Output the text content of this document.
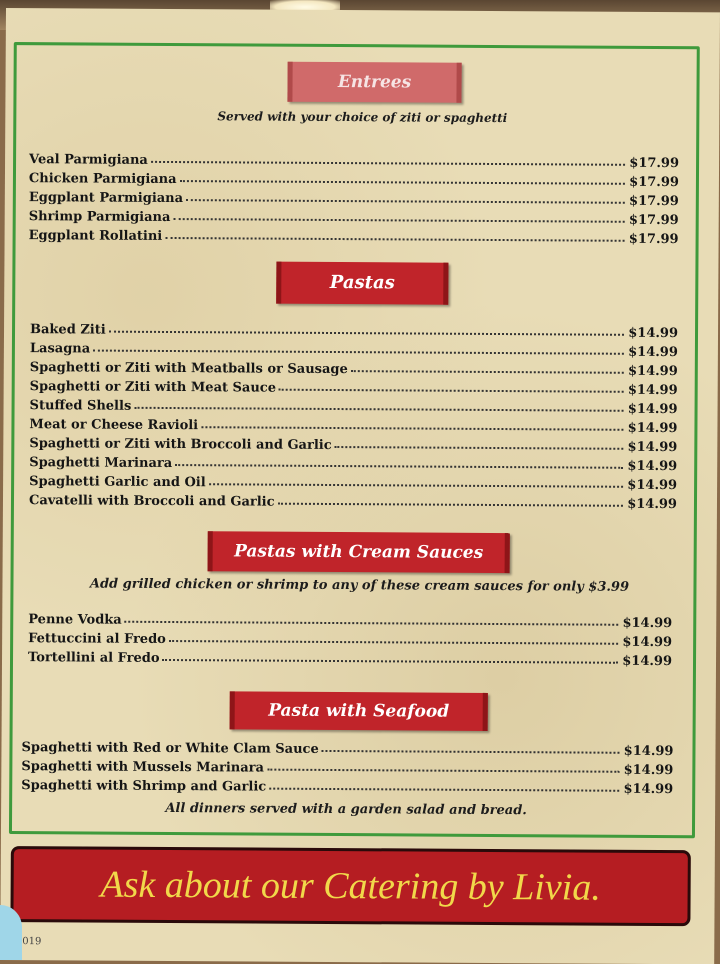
Entrees
Served with your choice of ziti or spaghetti
Veal Parmigiana	$17.99
Chicken Parmigiana	$17.99
Eggplant Parmigiana	$17.99
Shrimp Parmigiana	$17.99
Eggplant Rollatini	$17.99
Pastas
Baked Ziti	$14.99
Lasagna	$14.99
Spaghetti or Ziti with Meatballs or Sausage	$14.99
Spaghetti or Ziti with Meat Sauce	$14.99
Stuffed Shells	$14.99
Meat or Cheese Ravioli	$14.99
Spaghetti or Ziti with Broccoli and Garlic	$14.99
Spaghetti Marinara	$14.99
Spaghetti Garlic and Oil	$14.99
Cavatelli with Broccoli and Garlic	$14.99
Pastas with Cream Sauces
Add grilled chicken or shrimp to any of these cream sauces for only $3.99
Penne Vodka	$14.99
Fettuccini al Fredo	$14.99
Tortellini al Fredo	$14.99
Pasta with Seafood
Spaghetti with Red or White Clam Sauce	$14.99
Spaghetti with Mussels Marinara	$14.99
Spaghetti with Shrimp and Garlic	$14.99
All dinners served with a garden salad and bread.
Ask about our Catering by Livia.
019
